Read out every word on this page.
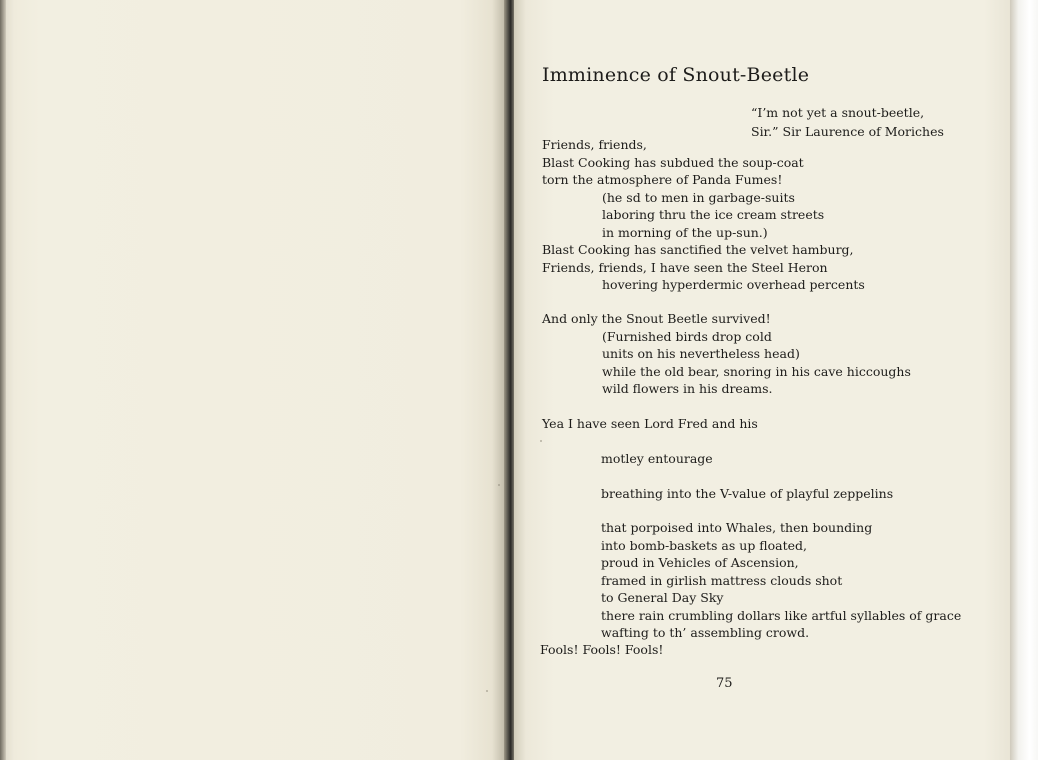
Imminence of Snout-Beetle
“I’m not yet a snout-beetle,
Sir.” Sir Laurence of Moriches
Friends, friends,
Blast Cooking has subdued the soup-coat
torn the atmosphere of Panda Fumes!
(he sd to men in garbage-suits
laboring thru the ice cream streets
in morning of the up-sun.)
Blast Cooking has sanctified the velvet hamburg,
Friends, friends, I have seen the Steel Heron
hovering hyperdermic overhead percents
And only the Snout Beetle survived!
(Furnished birds drop cold
units on his nevertheless head)
while the old bear, snoring in his cave hiccoughs
wild flowers in his dreams.
Yea I have seen Lord Fred and his
motley entourage
breathing into the V-value of playful zeppelins
that porpoised into Whales, then bounding
into bomb-baskets as up floated,
proud in Vehicles of Ascension,
framed in girlish mattress clouds shot
to General Day Sky
there rain crumbling dollars like artful syllables of grace
wafting to th’ assembling crowd.
Fools! Fools! Fools!
75
